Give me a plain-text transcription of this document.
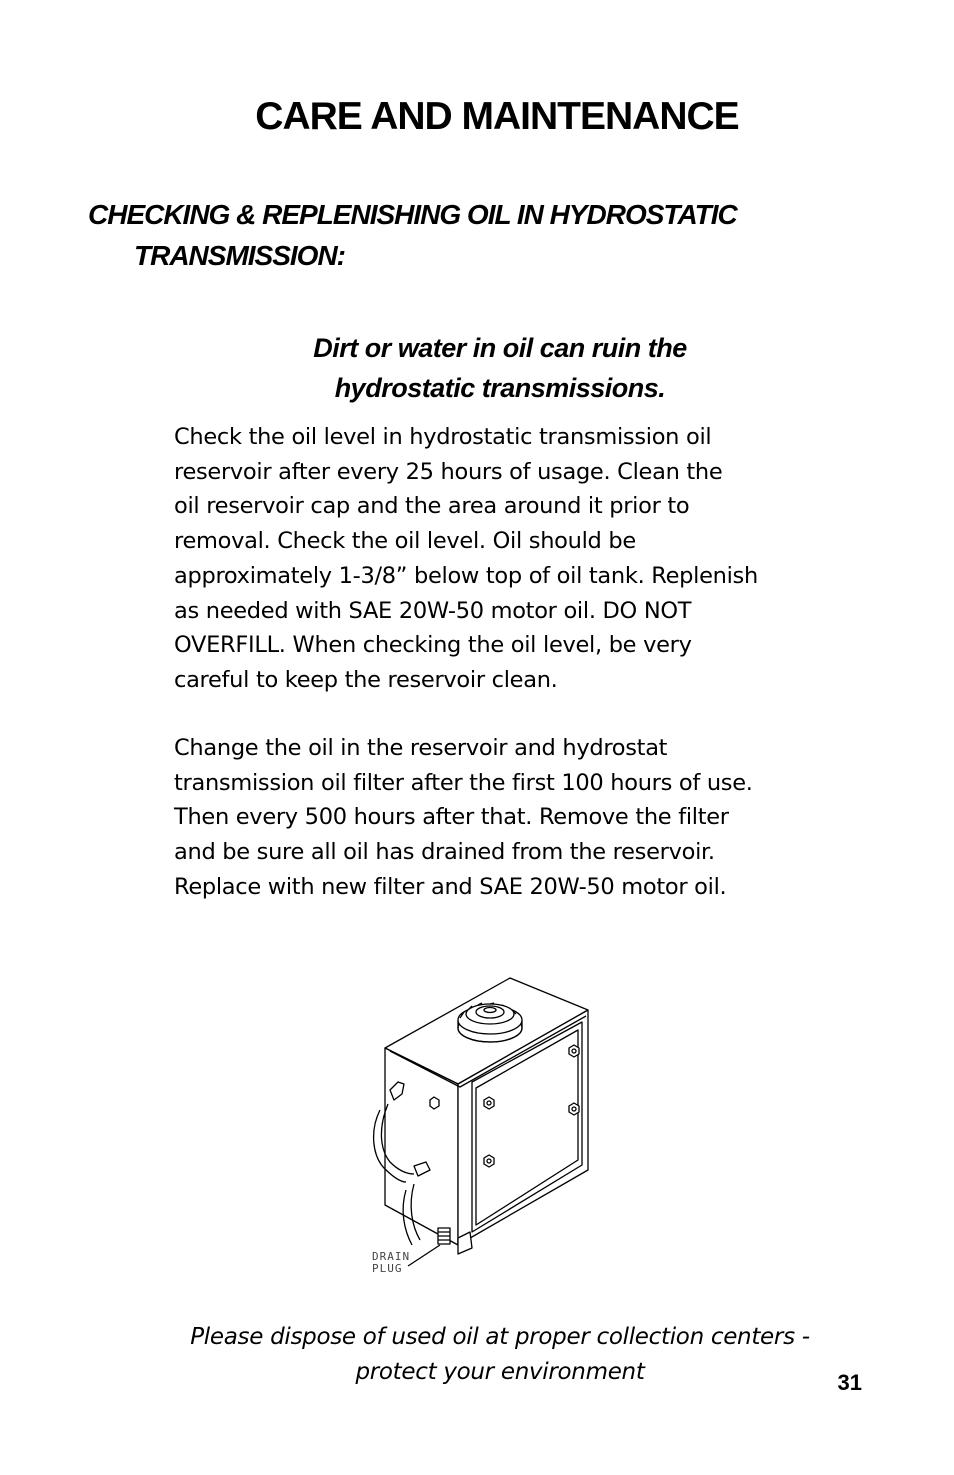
CARE AND MAINTENANCE
CHECKING & REPLENISHING OIL IN HYDROSTATIC
TRANSMISSION:

Dirt or water in oil can ruin the
hydrostatic transmissions.

Check the oil level in hydrostatic transmission oil
reservoir after every 25 hours of usage. Clean the
oil reservoir cap and the area around it prior to
removal. Check the oil level. Oil should be
approximately 1-3/8” below top of oil tank. Replenish
as needed with SAE 20W-50 motor oil. DO NOT
OVERFILL. When checking the oil level, be very
careful to keep the reservoir clean.
Change the oil in the reservoir and hydrostat
transmission oil filter after the first 100 hours of use.
Then every 500 hours after that. Remove the filter
and be sure all oil has drained from the reservoir.
Replace with new filter and SAE 20W-50 motor oil.
DRAIN
PLUG

Please dispose of used oil at proper collection centers -
protect your environment	31
